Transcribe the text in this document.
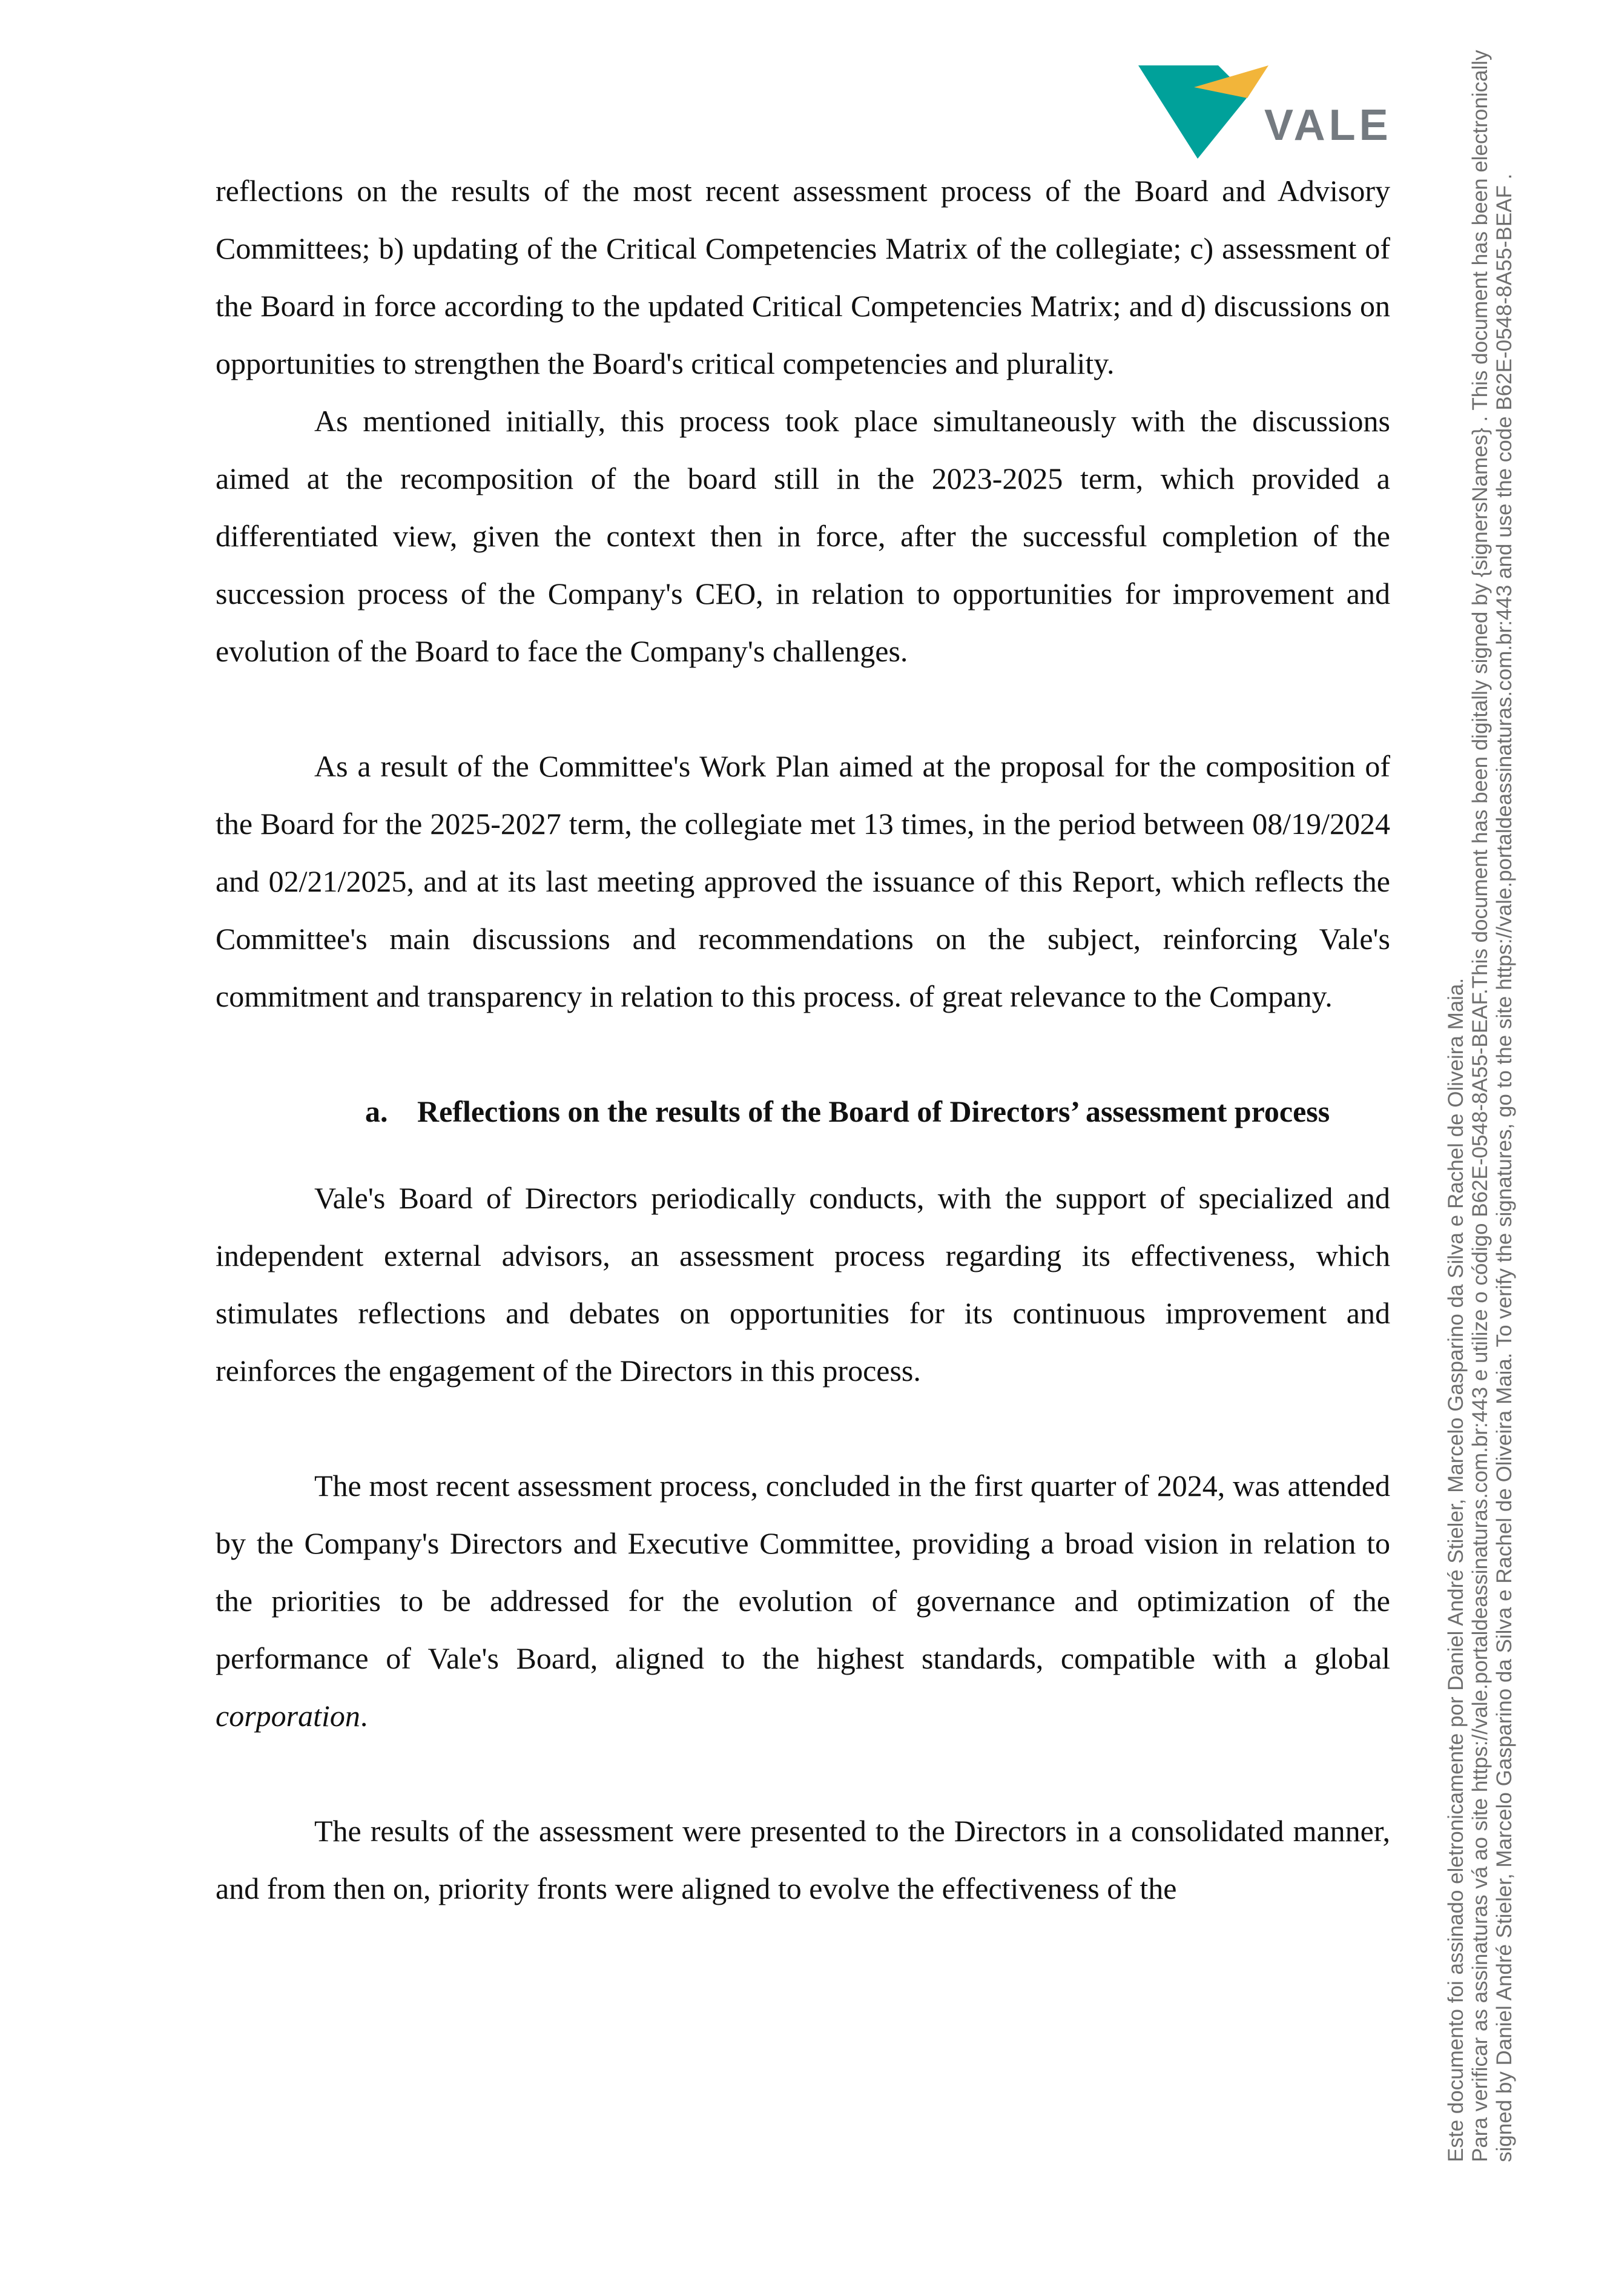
VALE

reflections on the results of the most recent assessment process of the Board and Advisory Committees; b) updating of the Critical Competencies Matrix of the collegiate; c) assessment of the Board in force according to the updated Critical Competencies Matrix; and d) discussions on opportunities to strengthen the Board's critical competencies and plurality.

As mentioned initially, this process took place simultaneously with the discussions aimed at the recomposition of the board still in the 2023-2025 term, which provided a differentiated view, given the context then in force, after the successful completion of the succession process of the Company's CEO, in relation to opportunities for improvement and evolution of the Board to face the Company's challenges.

As a result of the Committee's Work Plan aimed at the proposal for the composition of the Board for the 2025-2027 term, the collegiate met 13 times, in the period between 08/19/2024 and 02/21/2025, and at its last meeting approved the issuance of this Report, which reflects the Committee's main discussions and recommendations on the subject, reinforcing Vale's commitment and transparency in relation to this process. of great relevance to the Company.

a. Reflections on the results of the Board of Directors’ assessment process

Vale's Board of Directors periodically conducts, with the support of specialized and independent external advisors, an assessment process regarding its effectiveness, which stimulates reflections and debates on opportunities for its continuous improvement and reinforces the engagement of the Directors in this process.

The most recent assessment process, concluded in the first quarter of 2024, was attended by the Company's Directors and Executive Committee, providing a broad vision in relation to the priorities to be addressed for the evolution of governance and optimization of the performance of Vale's Board, aligned to the highest standards, compatible with a global corporation.

The results of the assessment were presented to the Directors in a consolidated manner, and from then on, priority fronts were aligned to evolve the effectiveness of the	Este documento foi assinado eletronicamente por Daniel André Stieler, Marcelo Gasparino da Silva e Rachel de Oliveira Maia. Para verificar as assinaturas vá ao site https://vale.portaldeassinaturas.com.br:443 e utilize o código B62E-0548-8A55-BEAF.This document has been digitally signed by {signersNames} . This document has been electronically signed by Daniel André Stieler, Marcelo Gasparino da Silva e Rachel de Oliveira Maia. To verify the signatures, go to the site https://vale.portaldeassinaturas.com.br:443 and use the code B62E-0548-8A55-BEAF .
